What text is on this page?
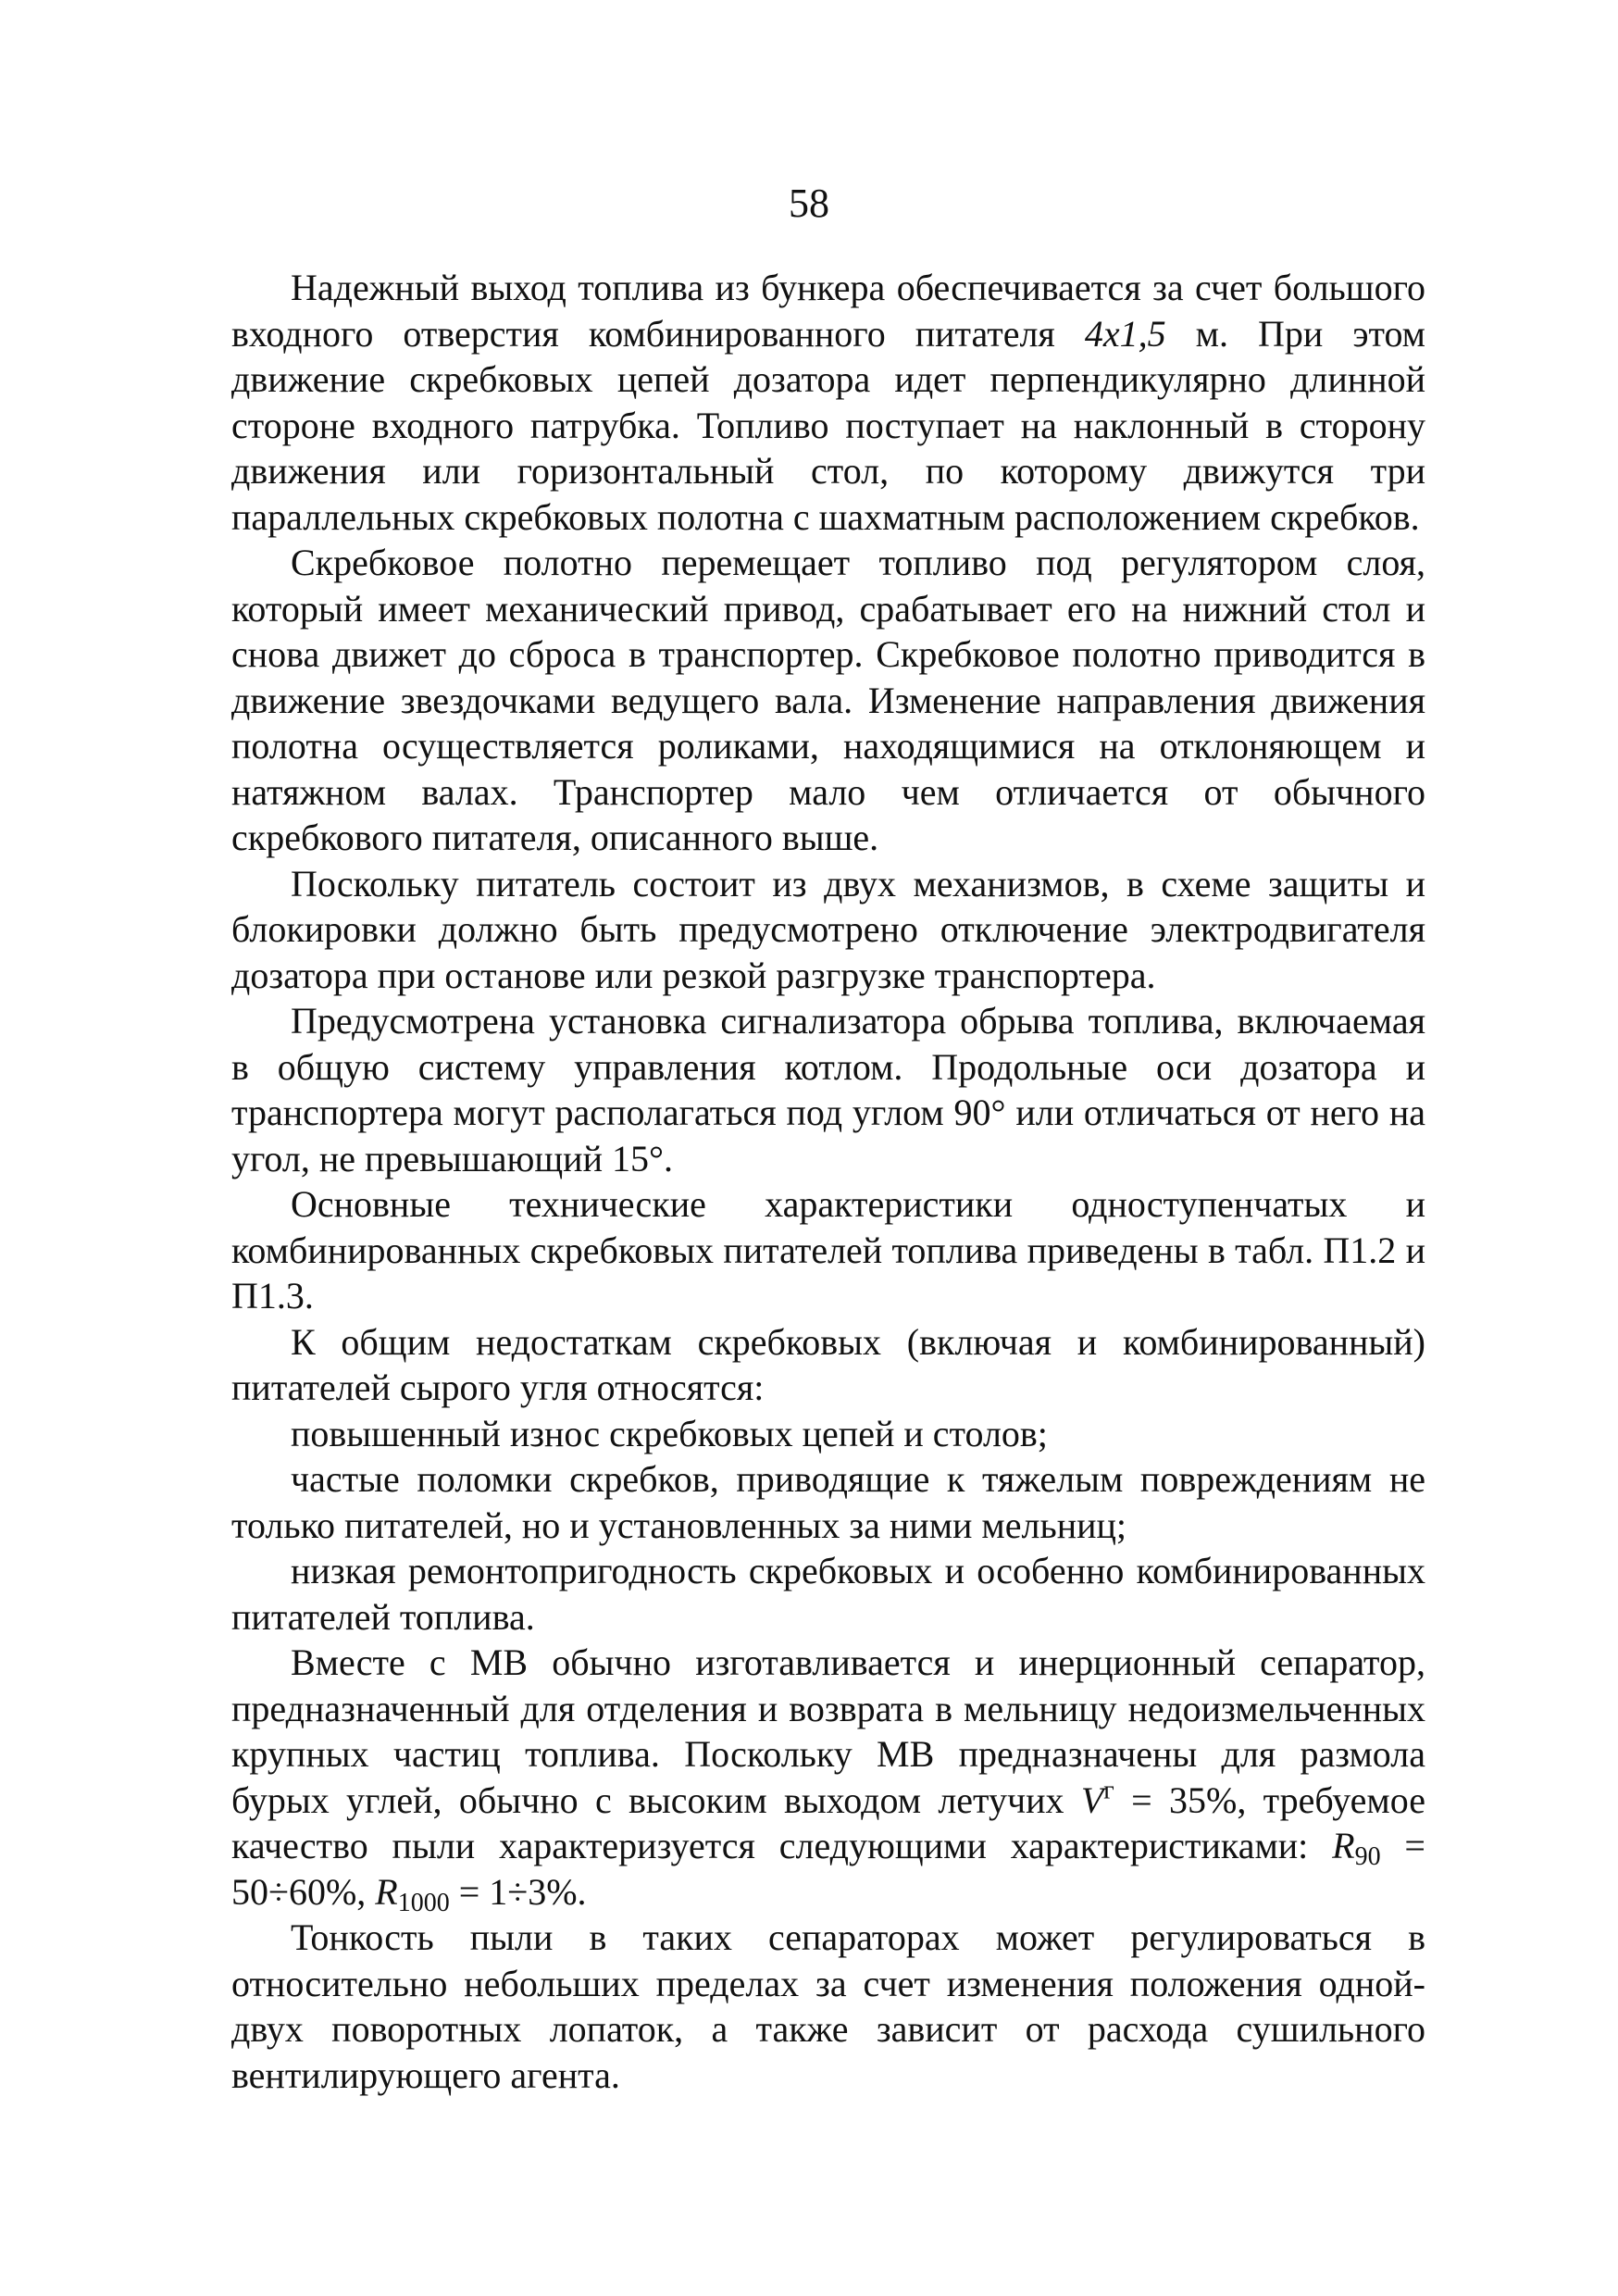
58

Надежный выход топлива из бункера обеспечивается за счет большого входного отверстия комбинированного питателя 4х1,5 м. При этом движение скребковых цепей дозатора идет перпендикулярно длинной стороне входного патрубка. Топливо поступает на наклонный в сторону движения или горизонтальный стол, по которому движутся три параллельных скребковых полотна с шахматным расположением скребков.

Скребковое полотно перемещает топливо под регулятором слоя, который имеет механический привод, срабатывает его на нижний стол и снова движет до сброса в транспортер. Скребковое полотно приводится в движение звездочками ведущего вала. Изменение направления движения полотна осуществляется роликами, находящимися на отклоняющем и натяжном валах. Транспортер мало чем отличается от обычного скребкового питателя, описанного выше.

Поскольку питатель состоит из двух механизмов, в схеме защиты и блокировки должно быть предусмотрено отключение электродвигателя дозатора при останове или резкой разгрузке транспортера.

Предусмотрена установка сигнализатора обрыва топлива, включаемая в общую систему управления котлом. Продольные оси дозатора и транспортера могут располагаться под углом 90° или отличаться от него на угол, не превышающий 15°.

Основные технические характеристики одноступенчатых и комбинированных скребковых питателей топлива приведены в табл. П1.2 и П1.3.

К общим недостаткам скребковых (включая и комбинированный) питателей сырого угля относятся:

повышенный износ скребковых цепей и столов;

частые поломки скребков, приводящие к тяжелым повреждениям не только питателей, но и установленных за ними мельниц;

низкая ремонтопригодность скребковых и особенно комбинированных питателей топлива.

Вместе с МВ обычно изготавливается и инерционный сепаратор, предназначенный для отделения и возврата в мельницу недоизмельченных крупных частиц топлива. Поскольку МВ предназначены для размола бурых углей, обычно с высоким выходом летучих $V^г = 35\%$, требуемое качество пыли характеризуется следующими характеристиками: $R_{90} = 50\div 60\%$, $R_{1000} = 1\div 3\%$.

Тонкость пыли в таких сепараторах может регулироваться в относительно небольших пределах за счет изменения положения одной-двух поворотных лопаток, а также зависит от расхода сушильного вентилирующего агента.
